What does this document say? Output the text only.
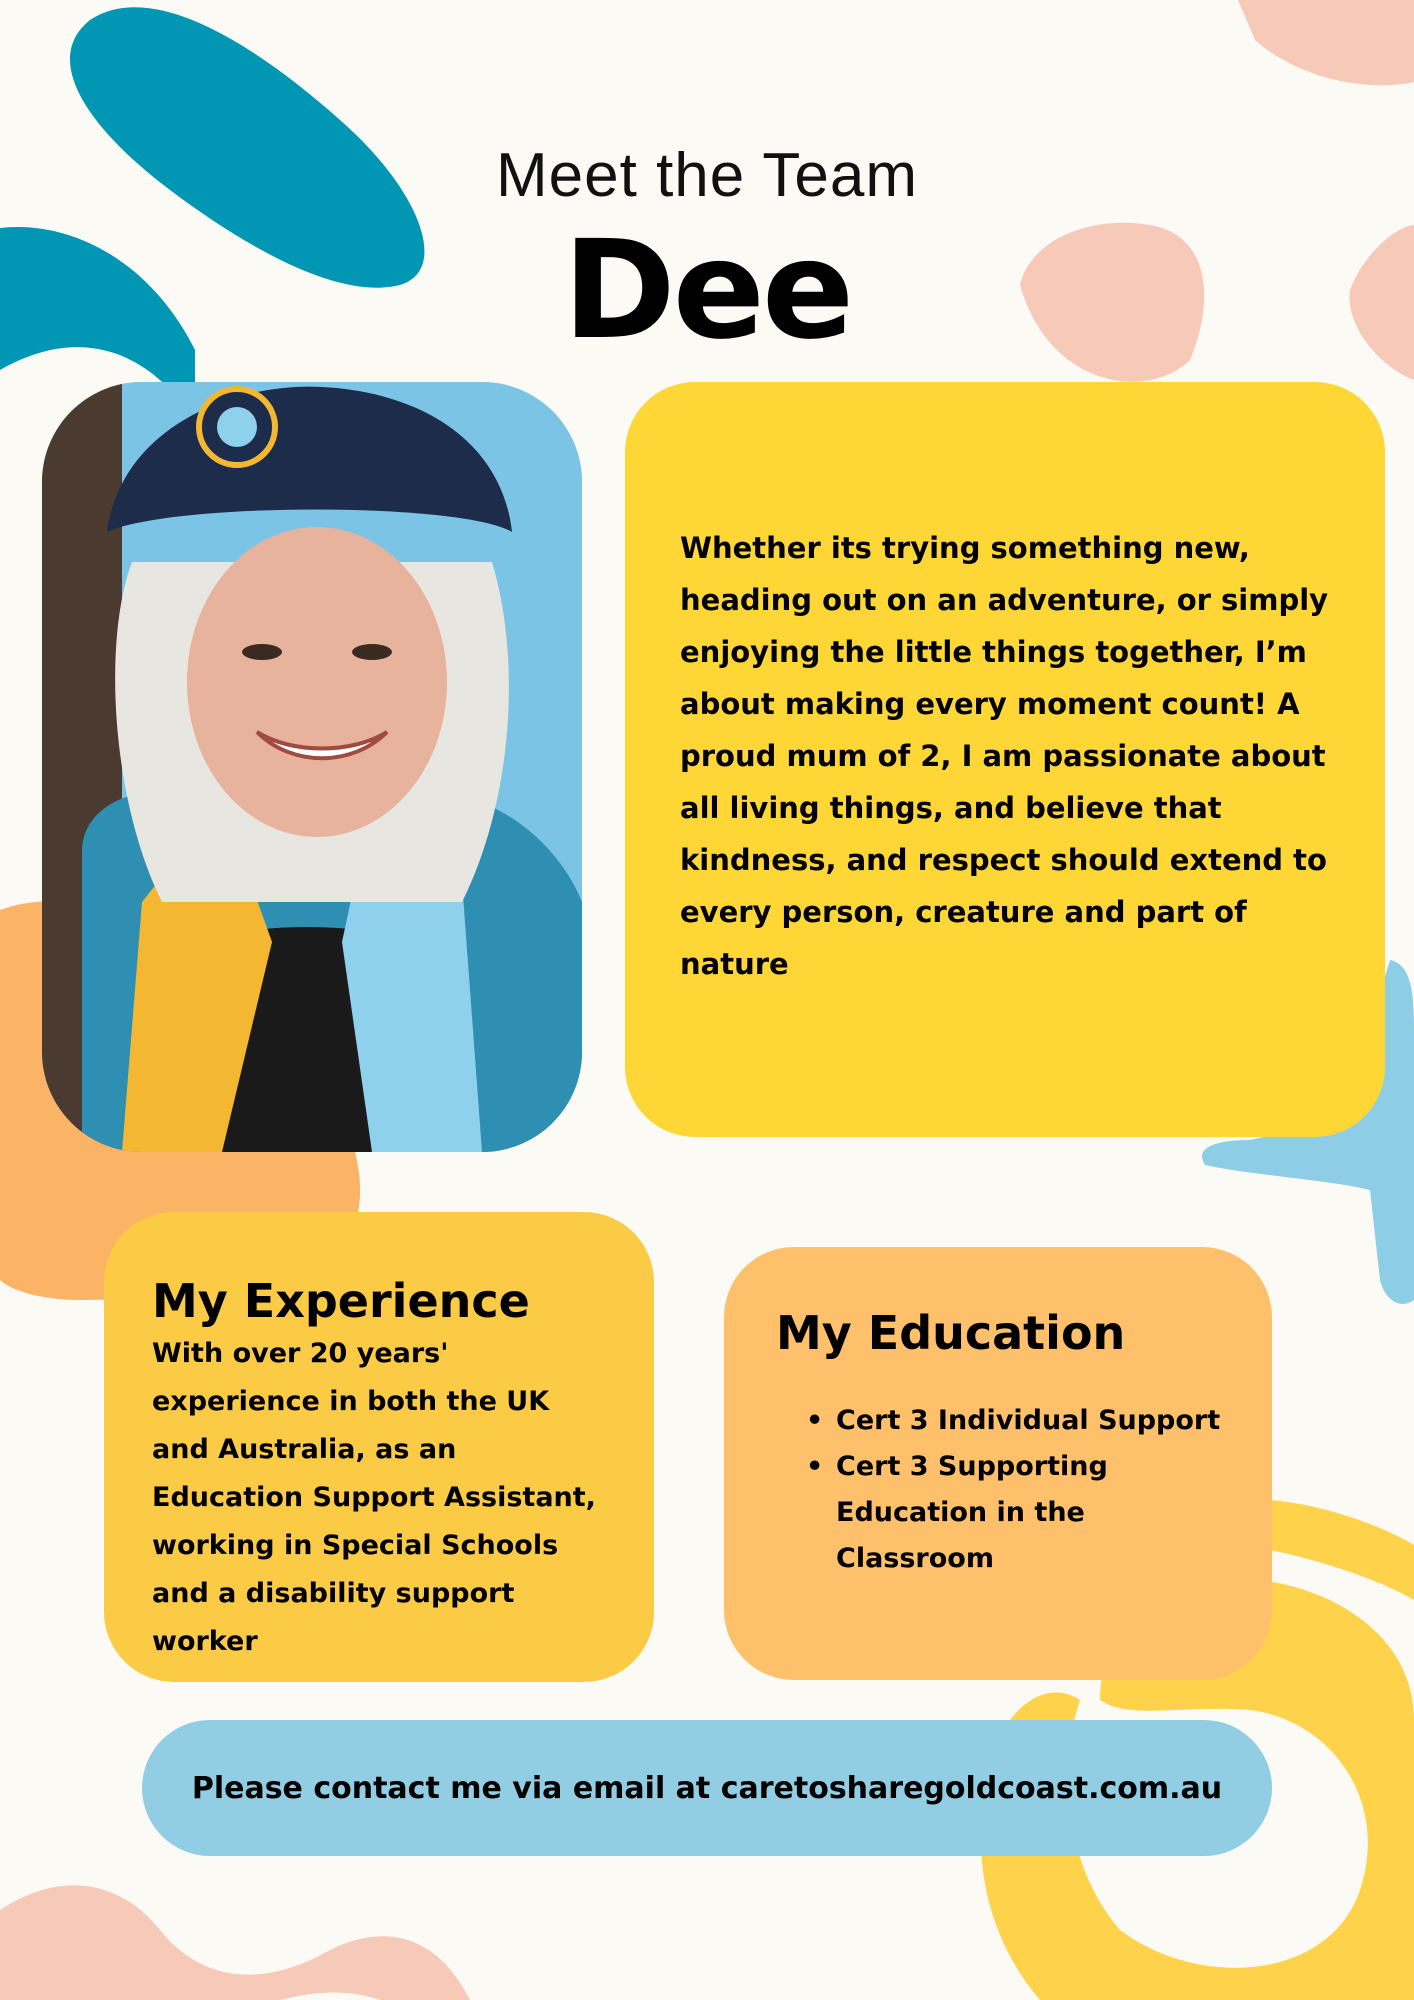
Meet the Team
Dee

Whether its trying something new,
heading out on an adventure, or simply
enjoying the little things together, I’m
about making every moment count! A
proud mum of 2, I am passionate about
all living things, and believe that
kindness, and respect should extend to
every person, creature and part of
nature

My Experience

With over 20 years'
experience in both the UK
and Australia, as an
Education Support Assistant,
working in Special Schools
and a disability support
worker

My Education
• Cert 3 Individual Support
• Cert 3 Supporting
Education in the
Classroom
Please contact me via email at caretosharegoldcoast.com.au
